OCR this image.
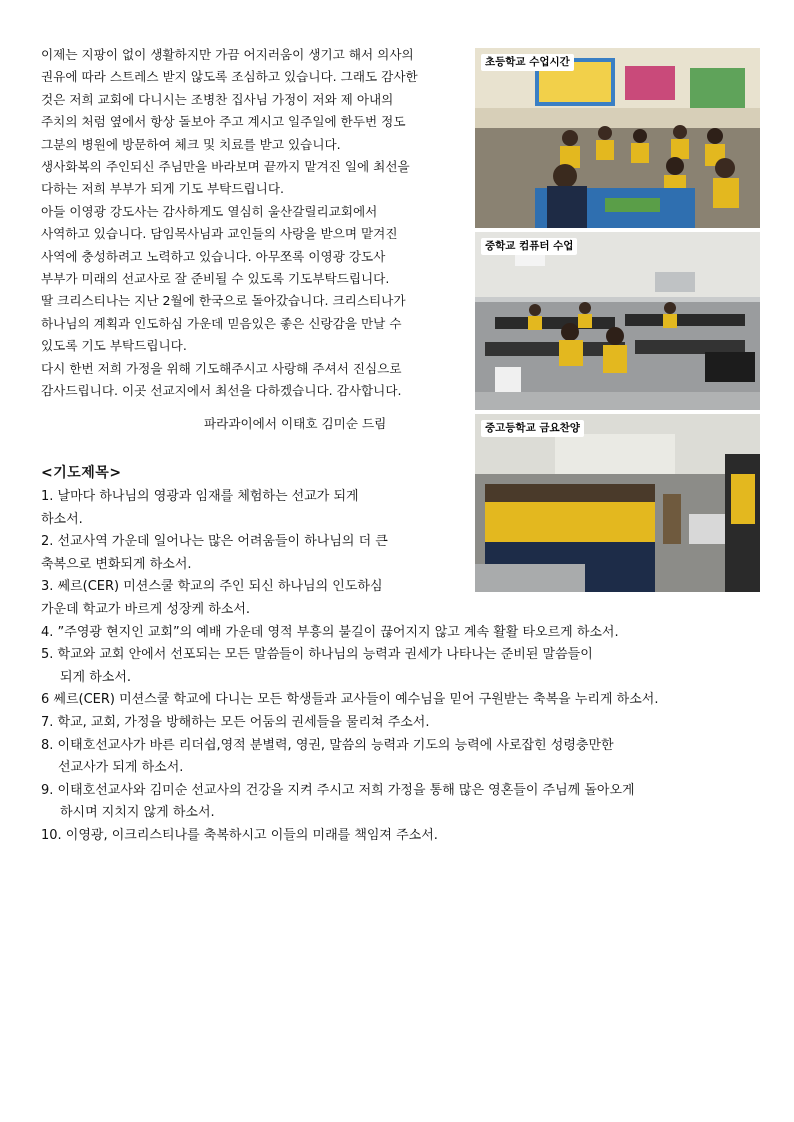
이제는 지팡이 없이 생활하지만 가끔 어지러움이 생기고 해서 의사의

권유에 따라 스트레스 받지 않도록 조심하고 있습니다. 그래도 감사한

것은 저희 교회에 다니시는 조병찬 집사님 가정이 저와 제 아내의

주치의 처럼 옆에서 항상 돌보아 주고 계시고 일주일에 한두번 정도

그분의 병원에 방문하여 체크 및 치료를 받고 있습니다.

생사화복의 주인되신 주님만을 바라보며 끝까지 맡겨진 일에 최선을

다하는 저희 부부가 되게 기도 부탁드립니다.

아들 이영광 강도사는 감사하게도 열심히 울산갈릴리교회에서

사역하고 있습니다. 담임목사님과 교인들의 사랑을 받으며 맡겨진

사역에 충성하려고 노력하고 있습니다. 아무쪼록 이영광 강도사

부부가 미래의 선교사로 잘 준비될 수 있도록 기도부탁드립니다.

딸 크리스티나는 지난 2월에 한국으로 돌아갔습니다. 크리스티나가

하나님의 계획과 인도하심 가운데 믿음있은 좋은 신랑감을 만날 수

있도록 기도 부탁드립니다.

다시 한번 저희 가정을 위해 기도해주시고 사랑해 주셔서 진심으로

감사드립니다. 이곳 선교지에서 최선을 다하겠습니다. 감사합니다.

파라과이에서 이태호 김미순 드림
<기도제목>

1. 날마다 하나님의 영광과 임재를 체험하는 선교가 되게

하소서.

2. 선교사역 가운데 일어나는 많은 어려움들이 하나님의 더 큰

축복으로 변화되게 하소서.

3. 쎄르(CER) 미션스쿨 학교의 주인 되신 하나님의 인도하심

가운데 학교가 바르게 성장케 하소서.

4. ”주영광 현지인 교회”의 예배 가운데 영적 부흥의 불길이 끊어지지 않고 계속 활활 타오르게 하소서.

5. 학교와 교회 안에서 선포되는 모든 말씀들이 하나님의 능력과 권세가 나타나는 준비된 말씀들이

되게 하소서.

6 쎄르(CER) 미션스쿨 학교에 다니는 모든 학생들과 교사들이 예수님을 믿어 구원받는 축복을 누리게 하소서.

7. 학교, 교회, 가정을 방해하는 모든 어둠의 권세들을 물리쳐 주소서.

8. 이태호선교사가 바른 리더쉽,영적 분별력, 영권, 말씀의 능력과 기도의 능력에 사로잡힌 성령충만한

선교사가 되게 하소서.

9. 이태호선교사와 김미순 선교사의 건강을 지켜 주시고 저희 가정을 통해 많은 영혼들이 주님께 돌아오게

하시며 지치지 않게 하소서.

10. 이영광, 이크리스티나를 축복하시고 이들의 미래를 책임져 주소서.

초등학교 수업시간
중학교 컴퓨터 수업
중고등학교 금요찬양
